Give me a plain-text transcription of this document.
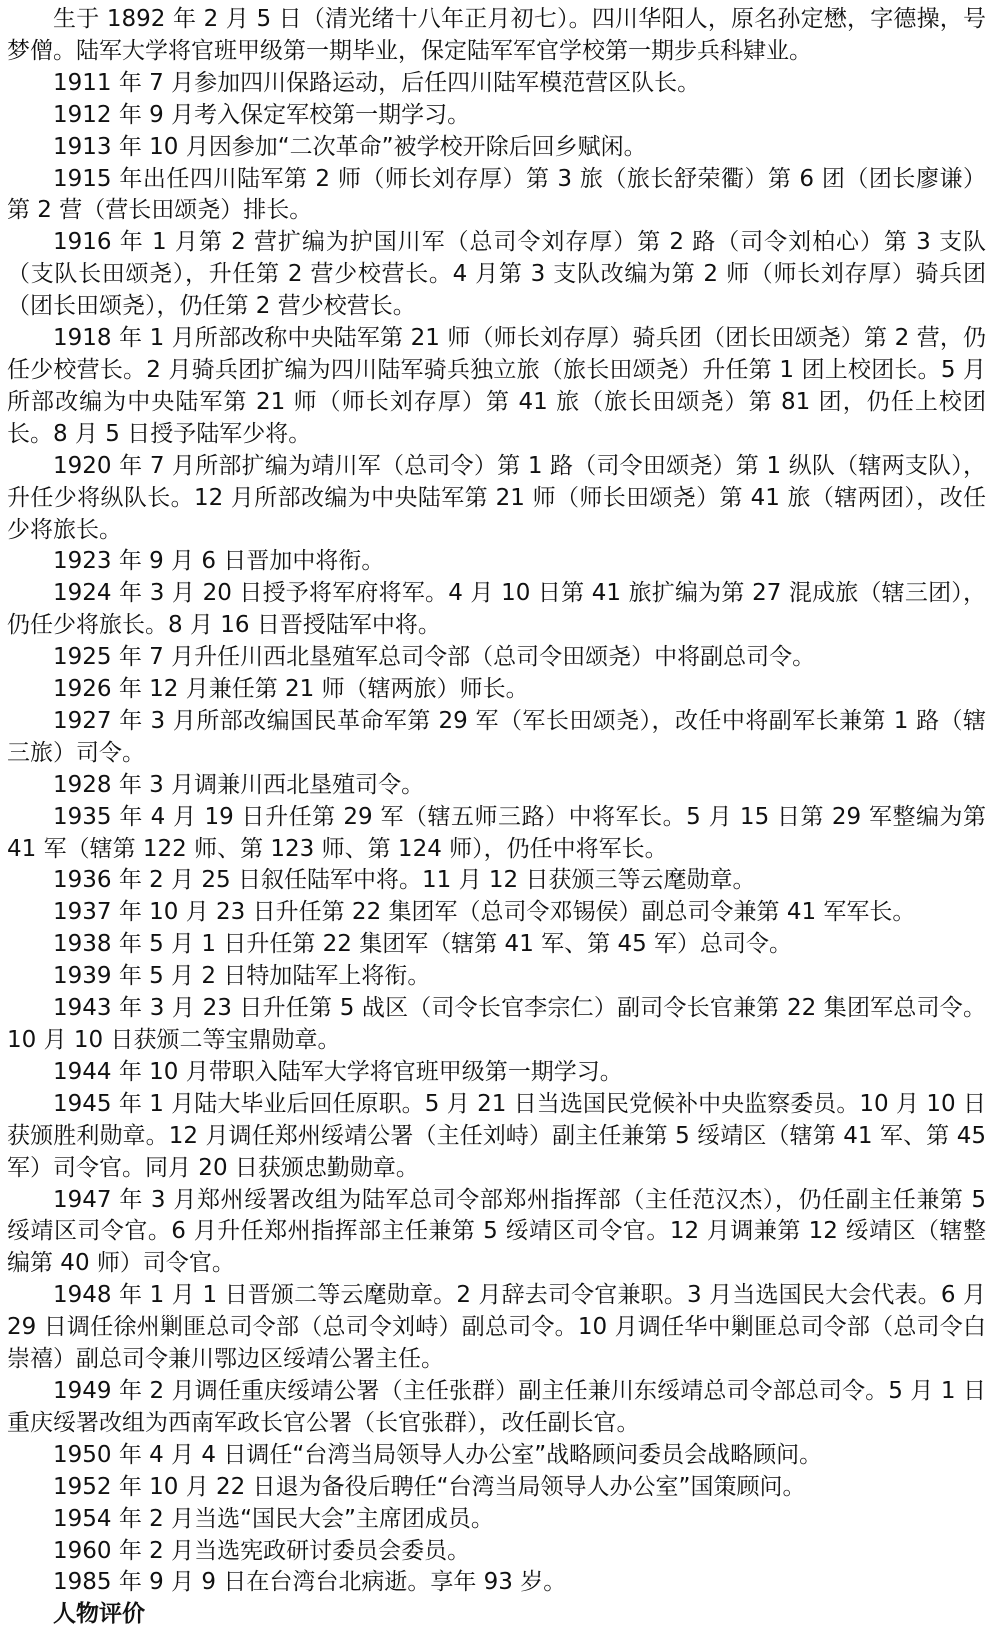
生于 1892 年 2 月 5 日（清光绪十八年正月初七）。四川华阳人，原名孙定懋，字德操，号梦僧。陆军大学将官班甲级第一期毕业，保定陆军军官学校第一期步兵科肄业。

1911 年 7 月参加四川保路运动，后任四川陆军模范营区队长。

1912 年 9 月考入保定军校第一期学习。

1913 年 10 月因参加“二次革命”被学校开除后回乡赋闲。

1915 年出任四川陆军第 2 师（师长刘存厚）第 3 旅（旅长舒荣衢）第 6 团（团长廖谦）第 2 营（营长田颂尧）排长。

1916 年 1 月第 2 营扩编为护国川军（总司令刘存厚）第 2 路（司令刘柏心）第 3 支队（支队长田颂尧），升任第 2 营少校营长。4 月第 3 支队改编为第 2 师（师长刘存厚）骑兵团（团长田颂尧），仍任第 2 营少校营长。

1918 年 1 月所部改称中央陆军第 21 师（师长刘存厚）骑兵团（团长田颂尧）第 2 营，仍任少校营长。2 月骑兵团扩编为四川陆军骑兵独立旅（旅长田颂尧）升任第 1 团上校团长。5 月所部改编为中央陆军第 21 师（师长刘存厚）第 41 旅（旅长田颂尧）第 81 团，仍任上校团长。8 月 5 日授予陆军少将。

1920 年 7 月所部扩编为靖川军（总司令）第 1 路（司令田颂尧）第 1 纵队（辖两支队），升任少将纵队长。12 月所部改编为中央陆军第 21 师（师长田颂尧）第 41 旅（辖两团），改任少将旅长。

1923 年 9 月 6 日晋加中将衔。

1924 年 3 月 20 日授予将军府将军。4 月 10 日第 41 旅扩编为第 27 混成旅（辖三团），仍任少将旅长。8 月 16 日晋授陆军中将。

1925 年 7 月升任川西北垦殖军总司令部（总司令田颂尧）中将副总司令。

1926 年 12 月兼任第 21 师（辖两旅）师长。

1927 年 3 月所部改编国民革命军第 29 军（军长田颂尧），改任中将副军长兼第 1 路（辖三旅）司令。

1928 年 3 月调兼川西北垦殖司令。

1935 年 4 月 19 日升任第 29 军（辖五师三路）中将军长。5 月 15 日第 29 军整编为第 41 军（辖第 122 师、第 123 师、第 124 师），仍任中将军长。

1936 年 2 月 25 日叙任陆军中将。11 月 12 日获颁三等云麾勋章。

1937 年 10 月 23 日升任第 22 集团军（总司令邓锡侯）副总司令兼第 41 军军长。

1938 年 5 月 1 日升任第 22 集团军（辖第 41 军、第 45 军）总司令。

1939 年 5 月 2 日特加陆军上将衔。

1943 年 3 月 23 日升任第 5 战区（司令长官李宗仁）副司令长官兼第 22 集团军总司令。10 月 10 日获颁二等宝鼎勋章。

1944 年 10 月带职入陆军大学将官班甲级第一期学习。

1945 年 1 月陆大毕业后回任原职。5 月 21 日当选国民党候补中央监察委员。10 月 10 日获颁胜利勋章。12 月调任郑州绥靖公署（主任刘峙）副主任兼第 5 绥靖区（辖第 41 军、第 45 军）司令官。同月 20 日获颁忠勤勋章。

1947 年 3 月郑州绥署改组为陆军总司令部郑州指挥部（主任范汉杰），仍任副主任兼第 5 绥靖区司令官。6 月升任郑州指挥部主任兼第 5 绥靖区司令官。12 月调兼第 12 绥靖区（辖整编第 40 师）司令官。

1948 年 1 月 1 日晋颁二等云麾勋章。2 月辞去司令官兼职。3 月当选国民大会代表。6 月 29 日调任徐州剿匪总司令部（总司令刘峙）副总司令。10 月调任华中剿匪总司令部（总司令白崇禧）副总司令兼川鄂边区绥靖公署主任。

1949 年 2 月调任重庆绥靖公署（主任张群）副主任兼川东绥靖总司令部总司令。5 月 1 日重庆绥署改组为西南军政长官公署（长官张群），改任副长官。

1950 年 4 月 4 日调任“台湾当局领导人办公室”战略顾问委员会战略顾问。

1952 年 10 月 22 日退为备役后聘任“台湾当局领导人办公室”国策顾问。

1954 年 2 月当选“国民大会”主席团成员。

1960 年 2 月当选宪政研讨委员会委员。

1985 年 9 月 9 日在台湾台北病逝。享年 93 岁。

人物评价
